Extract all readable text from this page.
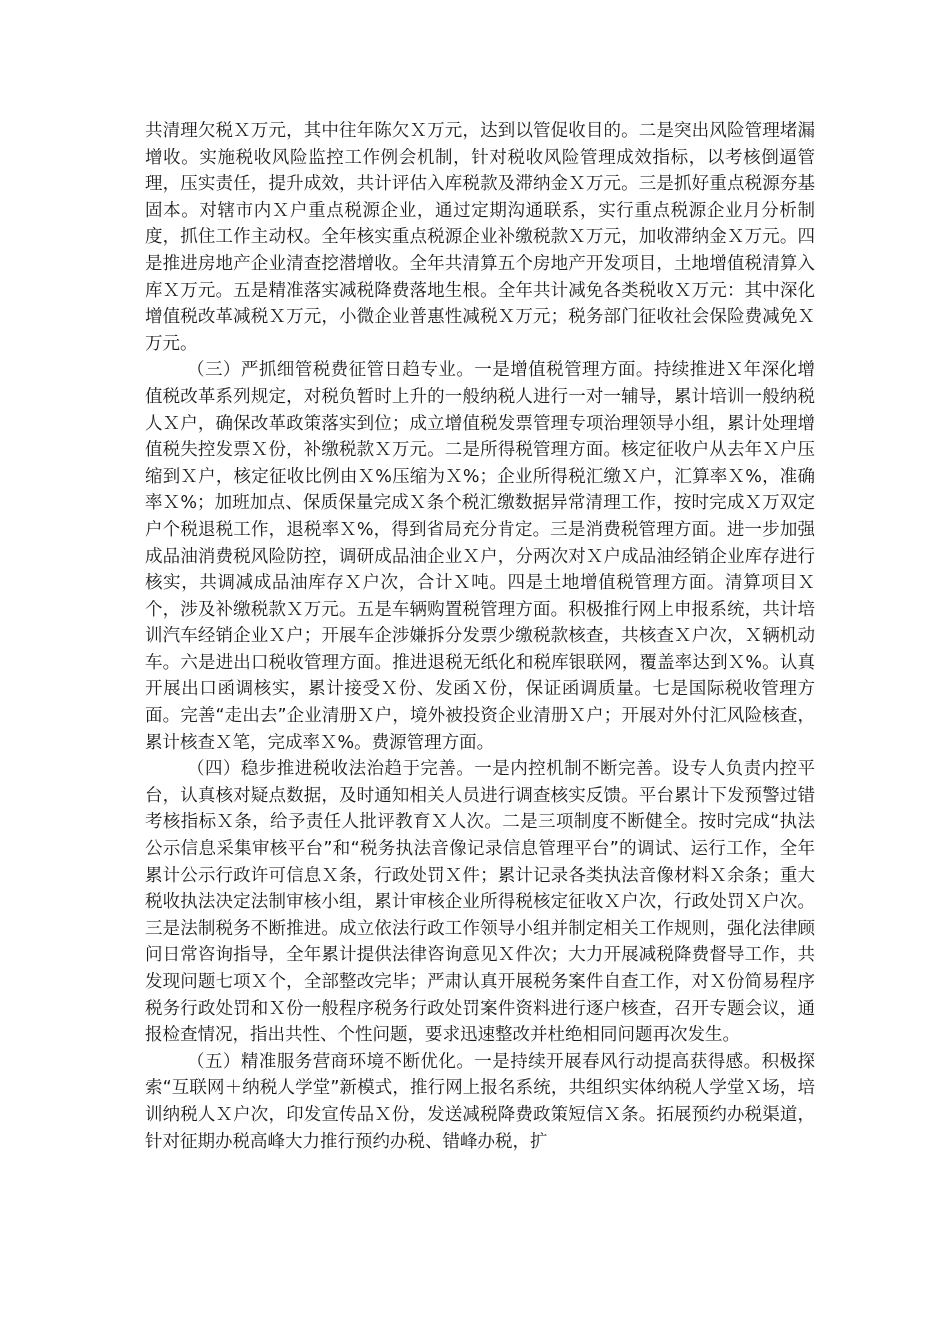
共清理欠税Ｘ万元，其中往年陈欠Ｘ万元，达到以管促收目的。二是突出风险管理堵漏增收。实施税收风险监控工作例会机制，针对税收风险管理成效指标，以考核倒逼管理，压实责任，提升成效，共计评估入库税款及滞纳金Ｘ万元。三是抓好重点税源夯基固本。对辖市内Ｘ户重点税源企业，通过定期沟通联系，实行重点税源企业月分析制度，抓住工作主动权。全年核实重点税源企业补缴税款Ｘ万元，加收滞纳金Ｘ万元。四是推进房地产企业清查挖潜增收。全年共清算五个房地产开发项目，土地增值税清算入库Ｘ万元。五是精准落实减税降费落地生根。全年共计减免各类税收Ｘ万元：其中深化增值税改革减税Ｘ万元，小微企业普惠性减税Ｘ万元；税务部门征收社会保险费减免Ｘ万元。

（三）严抓细管税费征管日趋专业。一是增值税管理方面。持续推进Ｘ年深化增值税改革系列规定，对税负暂时上升的一般纳税人进行一对一辅导，累计培训一般纳税人Ｘ户，确保改革政策落实到位；成立增值税发票管理专项治理领导小组，累计处理增值税失控发票Ｘ份，补缴税款Ｘ万元。二是所得税管理方面。核定征收户从去年Ｘ户压缩到Ｘ户，核定征收比例由Ｘ%压缩为Ｘ%；企业所得税汇缴Ｘ户，汇算率Ｘ%，准确率Ｘ%；加班加点、保质保量完成Ｘ条个税汇缴数据异常清理工作，按时完成Ｘ万双定户个税退税工作，退税率Ｘ%，得到省局充分肯定。三是消费税管理方面。进一步加强成品油消费税风险防控，调研成品油企业Ｘ户，分两次对Ｘ户成品油经销企业库存进行核实，共调减成品油库存Ｘ户次，合计Ｘ吨。四是土地增值税管理方面。清算项目Ｘ个，涉及补缴税款Ｘ万元。五是车辆购置税管理方面。积极推行网上申报系统，共计培训汽车经销企业Ｘ户；开展车企涉嫌拆分发票少缴税款核查，共核查Ｘ户次，Ｘ辆机动车。六是进出口税收管理方面。推进退税无纸化和税库银联网，覆盖率达到Ｘ%。认真开展出口函调核实，累计接受Ｘ份、发函Ｘ份，保证函调质量。七是国际税收管理方面。完善“走出去”企业清册Ｘ户，境外被投资企业清册Ｘ户；开展对外付汇风险核查，累计核查Ｘ笔，完成率Ｘ%。费源管理方面。

（四）稳步推进税收法治趋于完善。一是内控机制不断完善。设专人负责内控平台，认真核对疑点数据，及时通知相关人员进行调查核实反馈。平台累计下发预警过错考核指标Ｘ条，给予责任人批评教育Ｘ人次。二是三项制度不断健全。按时完成“执法公示信息采集审核平台”和“税务执法音像记录信息管理平台”的调试、运行工作，全年累计公示行政许可信息Ｘ条，行政处罚Ｘ件；累计记录各类执法音像材料Ｘ余条；重大税收执法决定法制审核小组，累计审核企业所得税核定征收Ｘ户次，行政处罚Ｘ户次。三是法制税务不断推进。成立依法行政工作领导小组并制定相关工作规则，强化法律顾问日常咨询指导，全年累计提供法律咨询意见Ｘ件次；大力开展减税降费督导工作，共发现问题七项Ｘ个，全部整改完毕；严肃认真开展税务案件自查工作，对Ｘ份简易程序税务行政处罚和Ｘ份一般程序税务行政处罚案件资料进行逐户核查，召开专题会议，通报检查情况，指出共性、个性问题，要求迅速整改并杜绝相同问题再次发生。

（五）精准服务营商环境不断优化。一是持续开展春风行动提高获得感。积极探索“互联网＋纳税人学堂”新模式，推行网上报名系统，共组织实体纳税人学堂Ｘ场，培训纳税人Ｘ户次，印发宣传品Ｘ份，发送减税降费政策短信Ｘ条。拓展预约办税渠道，针对征期办税高峰大力推行预约办税、错峰办税，扩
